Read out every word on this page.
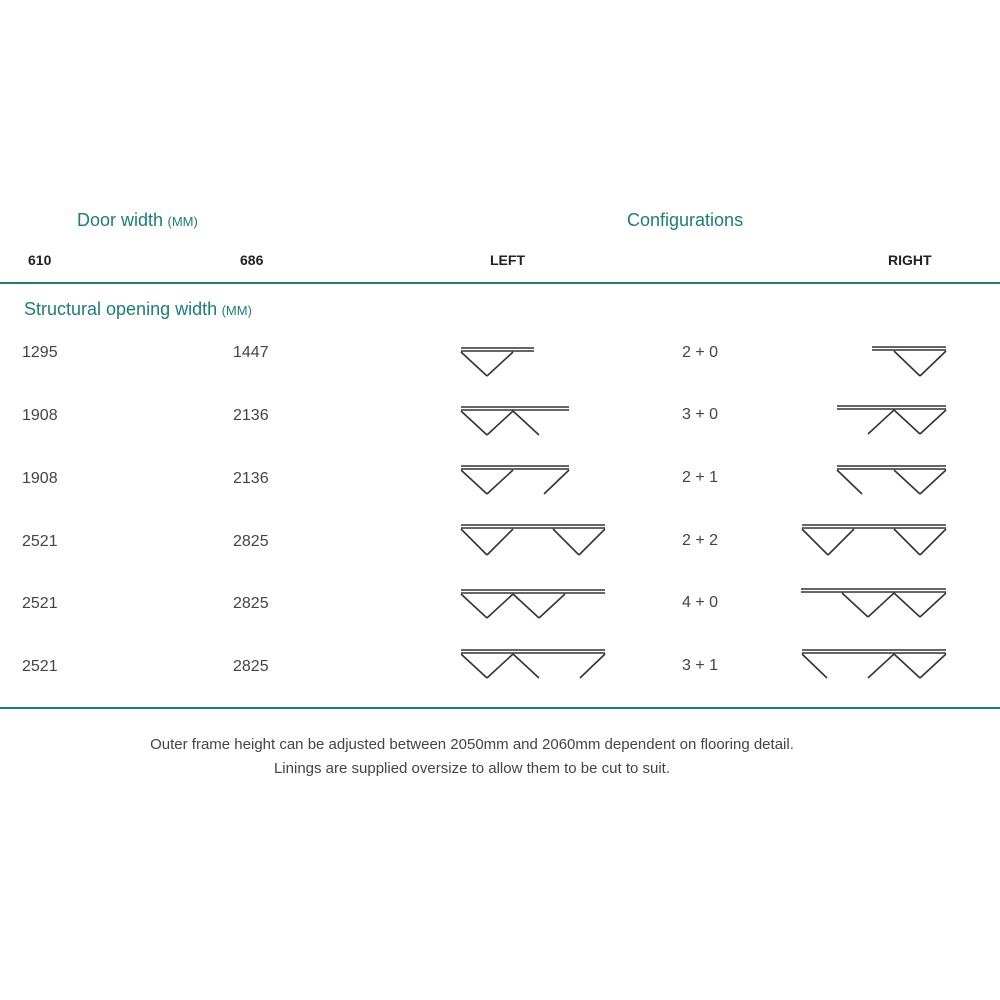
Door width (MM)	Configurations
610	686	LEFT	RIGHT
Structural opening width (MM)
1295	1447	2 + 0
1908	2136	3 + 0
1908	2136	2 + 1
2521	2825	2 + 2
2521	2825	4 + 0
2521	2825	3 + 1
Outer frame height can be adjusted between 2050mm and 2060mm dependent on flooring detail.
Linings are supplied oversize to allow them to be cut to suit.
